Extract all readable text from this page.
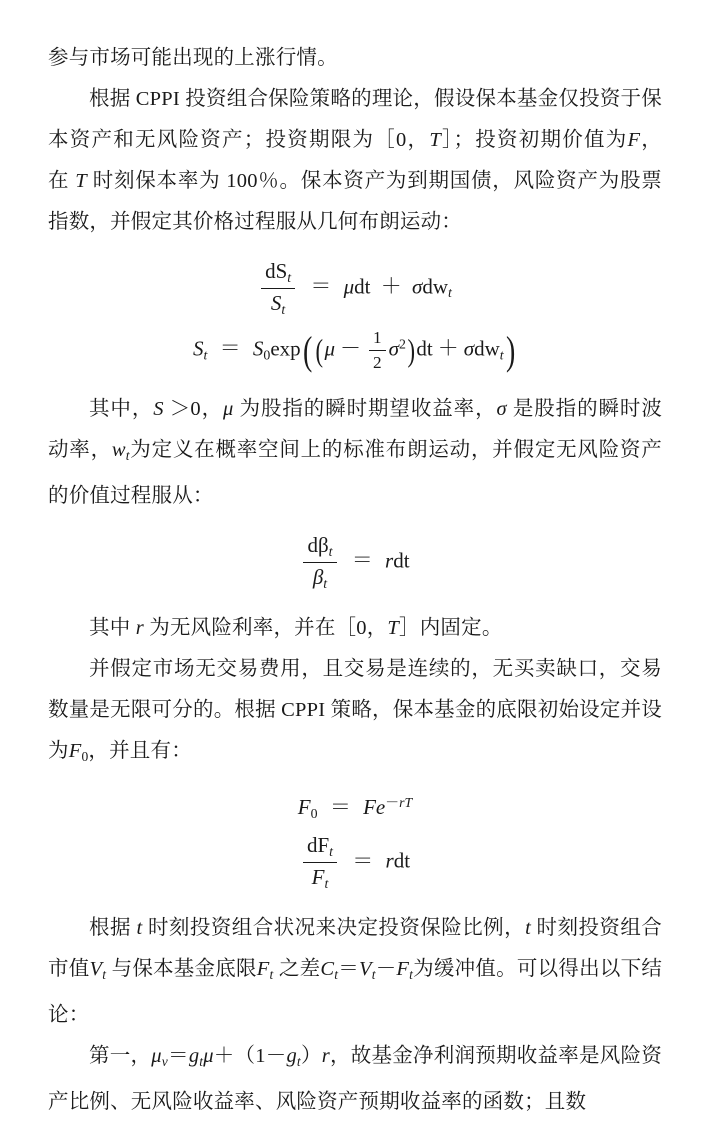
参与市场可能出现的上涨行情。

根据 CPPI 投资组合保险策略的理论，假设保本基金仅投资于保本资产和无风险资产；投资期限为［0，T］；投资初期价值为F，在 T 时刻保本率为 100％。保本资产为到期国债，风险资产为股票指数，并假定其价格过程服从几何布朗运动：

$\frac{dS_t}{S_t} = \mu dt + \sigma dw_t$
$S_t = S0\exp$( $(\mu - \frac{1}{2} \sigma^2)dt + \sigma dw_t$)

其中，S ＞0，μ 为股指的瞬时期望收益率，σ 是股指的瞬时波动率，$w_t$为定义在概率空间上的标准布朗运动，并假定无风险资产的价值过程服从：

$\frac{d\beta_t}{\beta_t}$ ＝ rdt

其中 r 为无风险利率，并在［0，T］内固定。

并假定市场无交易费用，且交易是连续的，无买卖缺口，交易数量是无限可分的。根据 CPPI 策略，保本基金的底限初始设定并设为F0，并且有：

$F0 = Fe^{-rT}$
$\frac{dF_t}{F_t}$ ＝ rdt

根据 t 时刻投资组合状况来决定投资保险比例，t 时刻投资组合市值$V_t$ 与保本基金底限$F_t$ 之差$C_t=V_t-F_t$为缓冲值。可以得出以下结论：

第一，$\mu_v=g_t\mu+(1-g_t)r$，故基金净利润预期收益率是风险资产比例、无风险收益率、风险资产预期收益率的函数；且数
